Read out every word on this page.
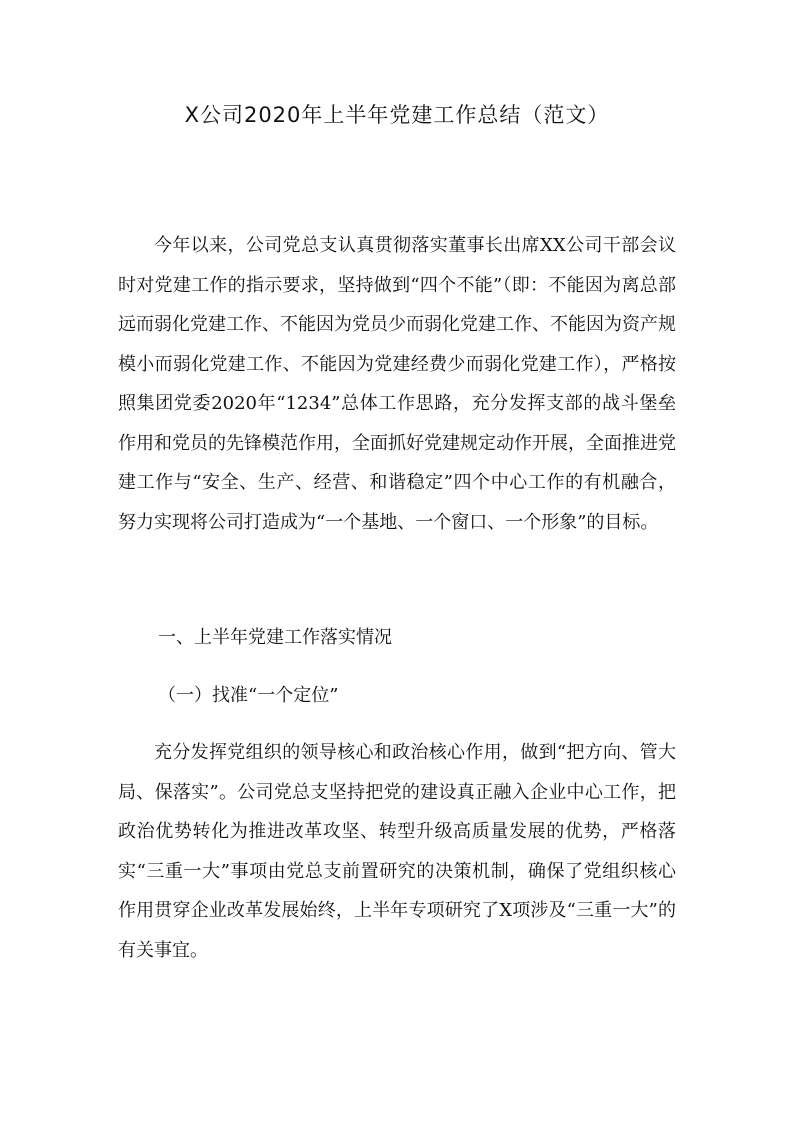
X公司2020年上半年党建工作总结（范文）

今年以来，公司党总支认真贯彻落实董事长出席XX公司干部会议时对党建工作的指示要求，坚持做到“四个不能”（即：不能因为离总部远而弱化党建工作、不能因为党员少而弱化党建工作、不能因为资产规模小而弱化党建工作、不能因为党建经费少而弱化党建工作），严格按照集团党委2020年“1234”总体工作思路，充分发挥支部的战斗堡垒作用和党员的先锋模范作用，全面抓好党建规定动作开展，全面推进党建工作与“安全、生产、经营、和谐稳定”四个中心工作的有机融合，努力实现将公司打造成为“一个基地、一个窗口、一个形象”的目标。

一、上半年党建工作落实情况

（一）找准“一个定位”

充分发挥党组织的领导核心和政治核心作用，做到“把方向、管大局、保落实”。公司党总支坚持把党的建设真正融入企业中心工作，把政治优势转化为推进改革攻坚、转型升级高质量发展的优势，严格落实“三重一大”事项由党总支前置研究的决策机制，确保了党组织核心作用贯穿企业改革发展始终，上半年专项研究了X项涉及“三重一大”的有关事宜。
